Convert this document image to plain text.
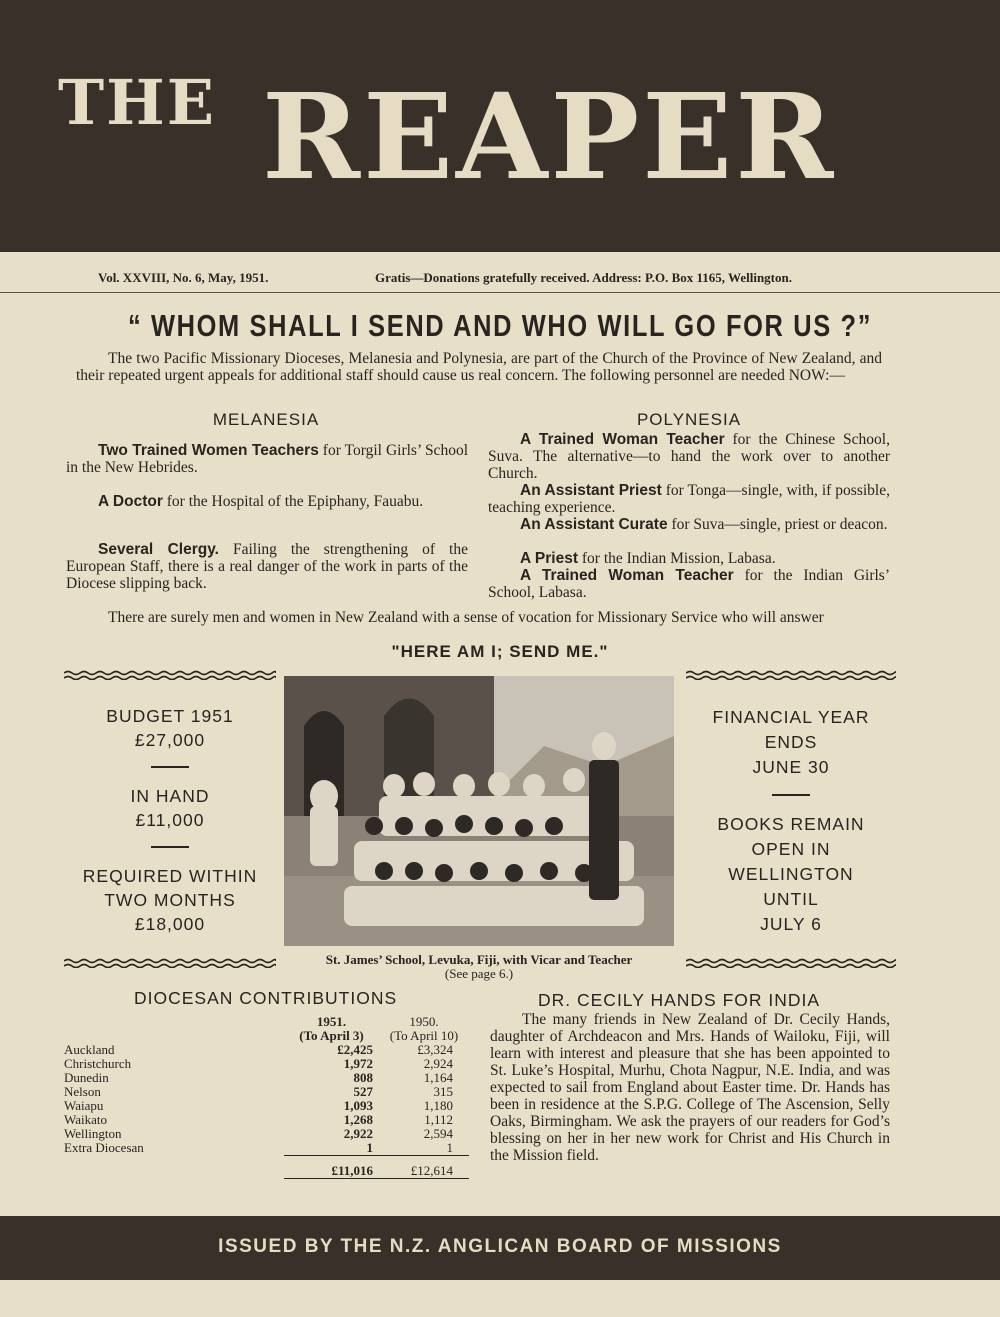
THE REAPER
Vol. XXVIII, No. 6, May, 1951.	Gratis—Donations gratefully received. Address: P.O. Box 1165, Wellington.
“ WHOM SHALL I SEND AND WHO WILL GO FOR US ?”
The two Pacific Missionary Dioceses, Melanesia and Polynesia, are part of the Church of the Province of New Zealand, and their repeated urgent appeals for additional staff should cause us real concern. The following personnel are needed NOW:—
MELANESIA
Two Trained Women Teachers for Torgil Girls’ School in the New Hebrides.
A Doctor for the Hospital of the Epiphany, Fauabu.
Several Clergy. Failing the strengthening of the European Staff, there is a real danger of the work in parts of the Diocese slipping back.
POLYNESIA
A Trained Woman Teacher for the Chinese School, Suva. The alternative—to hand the work over to another Church.
An Assistant Priest for Tonga—single, with, if possible, teaching experience.
An Assistant Curate for Suva—single, priest or deacon.
A Priest for the Indian Mission, Labasa.
A Trained Woman Teacher for the Indian Girls’ School, Labasa.
There are surely men and women in New Zealand with a sense of vocation for Missionary Service who will answer
"HERE AM I; SEND ME."
BUDGET 1951
£27,000
IN HAND
£11,000
REQUIRED WITHIN
TWO MONTHS
£18,000
St. James’ School, Levuka, Fiji, with Vicar and Teacher
(See page 6.)
FINANCIAL YEAR
ENDS
JUNE 30
BOOKS REMAIN
OPEN IN
WELLINGTON
UNTIL
JULY 6
DIOCESAN CONTRIBUTIONS
	1951.	1950.
	(To April 3)	(To April 10)
Auckland	£2,425	£3,324
Christchurch	1,972	2,924
Dunedin	808	1,164
Nelson	527	315
Waiapu	1,093	1,180
Waikato	1,268	1,112
Wellington	2,922	2,594
Extra Diocesan	1	1

	£11,016	£12,614
DR. CECILY HANDS FOR INDIA
The many friends in New Zealand of Dr. Cecily Hands, daughter of Archdeacon and Mrs. Hands of Wailoku, Fiji, will learn with interest and pleasure that she has been appointed to St. Luke’s Hospital, Murhu, Chota Nagpur, N.E. India, and was expected to sail from England about Easter time. Dr. Hands has been in residence at the S.P.G. College of The Ascension, Selly Oaks, Birmingham. We ask the prayers of our readers for God’s blessing on her in her new work for Christ and His Church in the Mission field.
ISSUED BY THE N.Z. ANGLICAN BOARD OF MISSIONS
